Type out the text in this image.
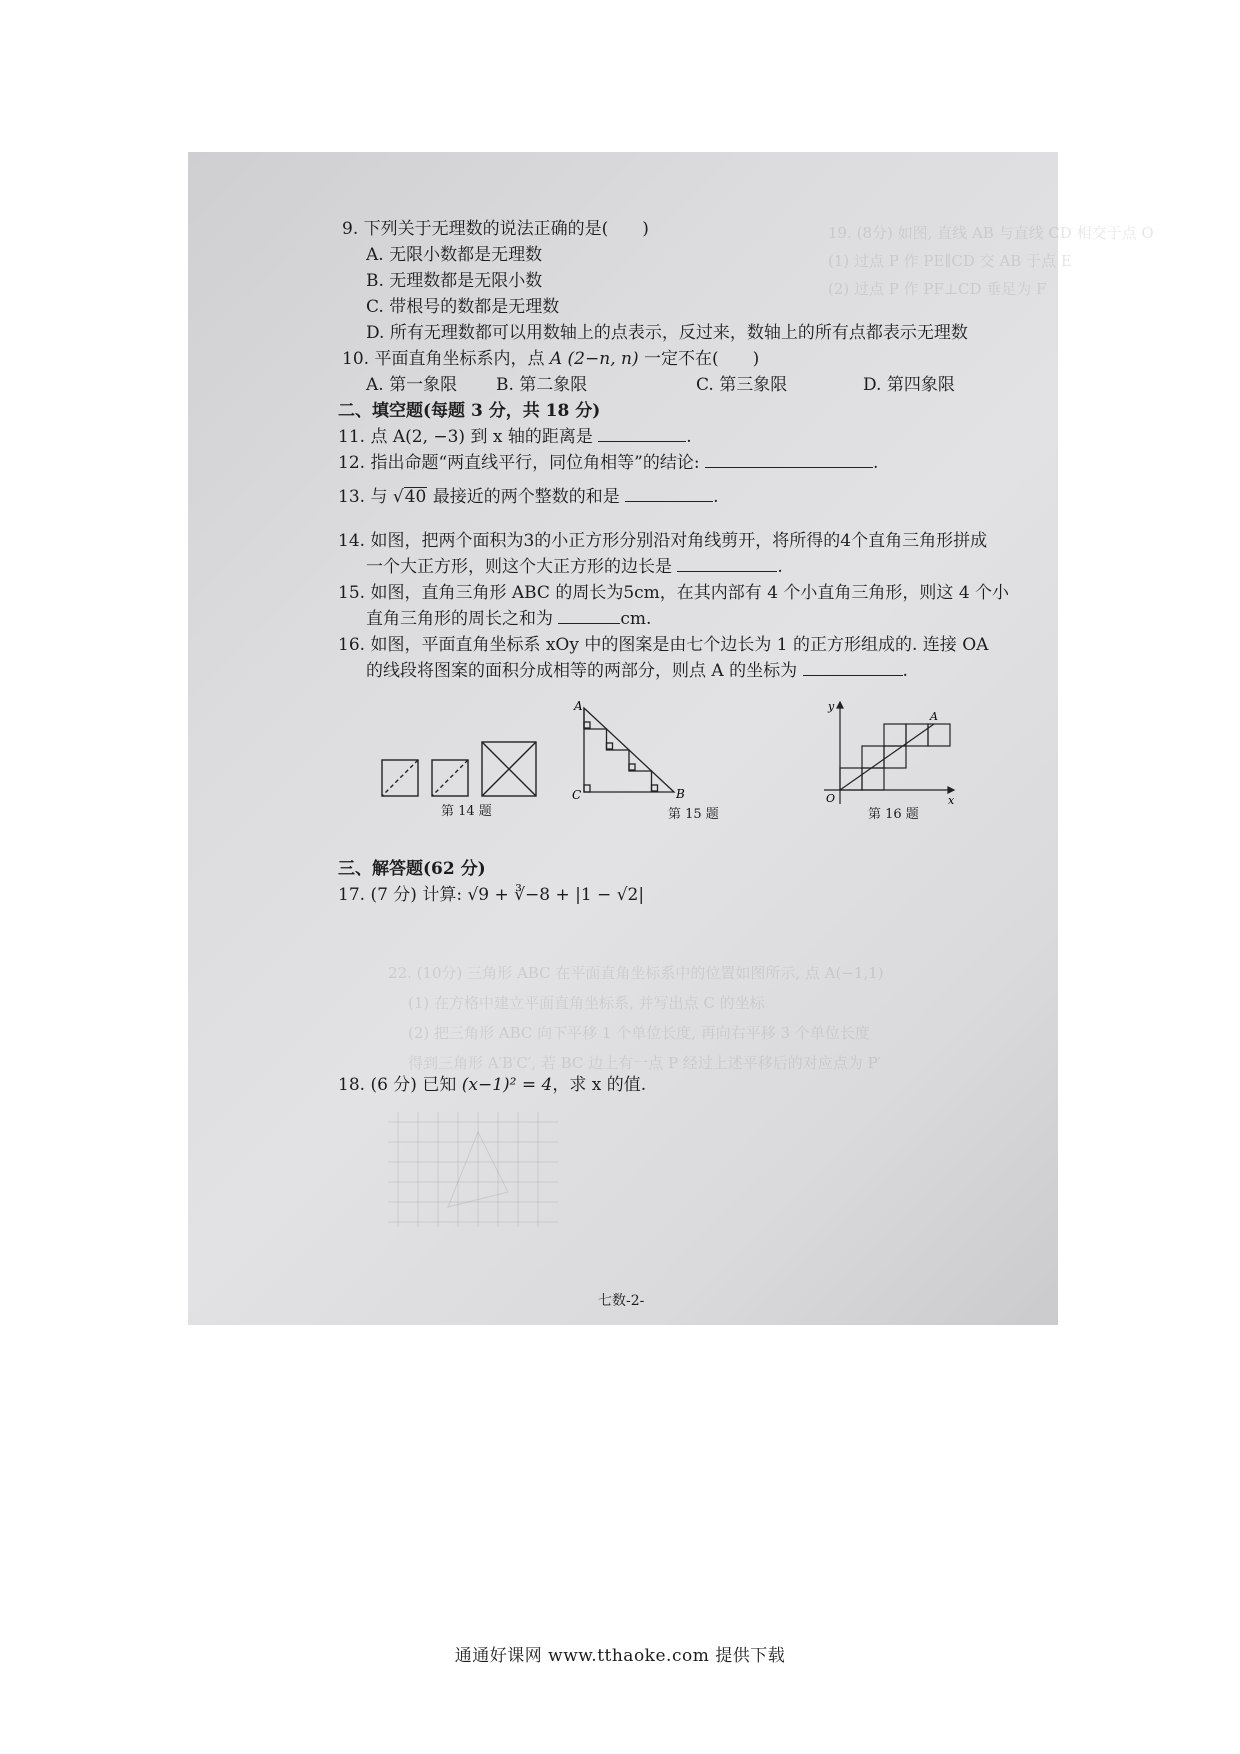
19. (8分) 如图, 直线 AB 与直线 CD 相交于点 O
(1) 过点 P 作 PE∥CD 交 AB 于点 E
(2) 过点 P 作 PF⊥CD 垂足为 F
22. (10分) 三角形 ABC 在平面直角坐标系中的位置如图所示, 点 A(−1,1)
(1) 在方格中建立平面直角坐标系, 并写出点 C 的坐标
(2) 把三角形 ABC 向下平移 1 个单位长度, 再向右平移 3 个单位长度
得到三角形 A′B′C′, 若 BC 边上有一点 P 经过上述平移后的对应点为 P′
9. 下列关于无理数的说法正确的是(　　)
A. 无限小数都是无理数
B. 无理数都是无限小数
C. 带根号的数都是无理数
D. 所有无理数都可以用数轴上的点表示，反过来，数轴上的所有点都表示无理数
10. 平面直角坐标系内，点 A (2−n, n) 一定不在(　　)
A. 第一象限 B. 第二象限	C. 第三象限	D. 第四象限
二、填空题(每题 3 分，共 18 分)
11. 点 A(2, −3) 到 x 轴的距离是	.
12. 指出命题“两直线平行，同位角相等”的结论:	.
13. 与 √40 最接近的两个整数的和是	.
14. 如图，把两个面积为3的小正方形分别沿对角线剪开，将所得的4个直角三角形拼成
一个大正方形，则这个大正方形的边长是	.
15. 如图，直角三角形 ABC 的周长为5cm，在其内部有 4 个小直角三角形，则这 4 个小
直角三角形的周长之和为	cm.
16. 如图，平面直角坐标系 xOy 中的图案是由七个边长为 1 的正方形组成的. 连接 OA
的线段将图案的面积分成相等的两部分，则点 A 的坐标为	.
第 14 题
A
C	B
第 15 题
y
x
O
A
第 16 题
三、解答题(62 分)
17. (7 分) 计算: √9 + ∛−8 + |1 − √2|
18. (6 分) 已知 (x−1)² = 4，求 x 的值.
七数-2-
通通好课网 www.tthaoke.com 提供下载
